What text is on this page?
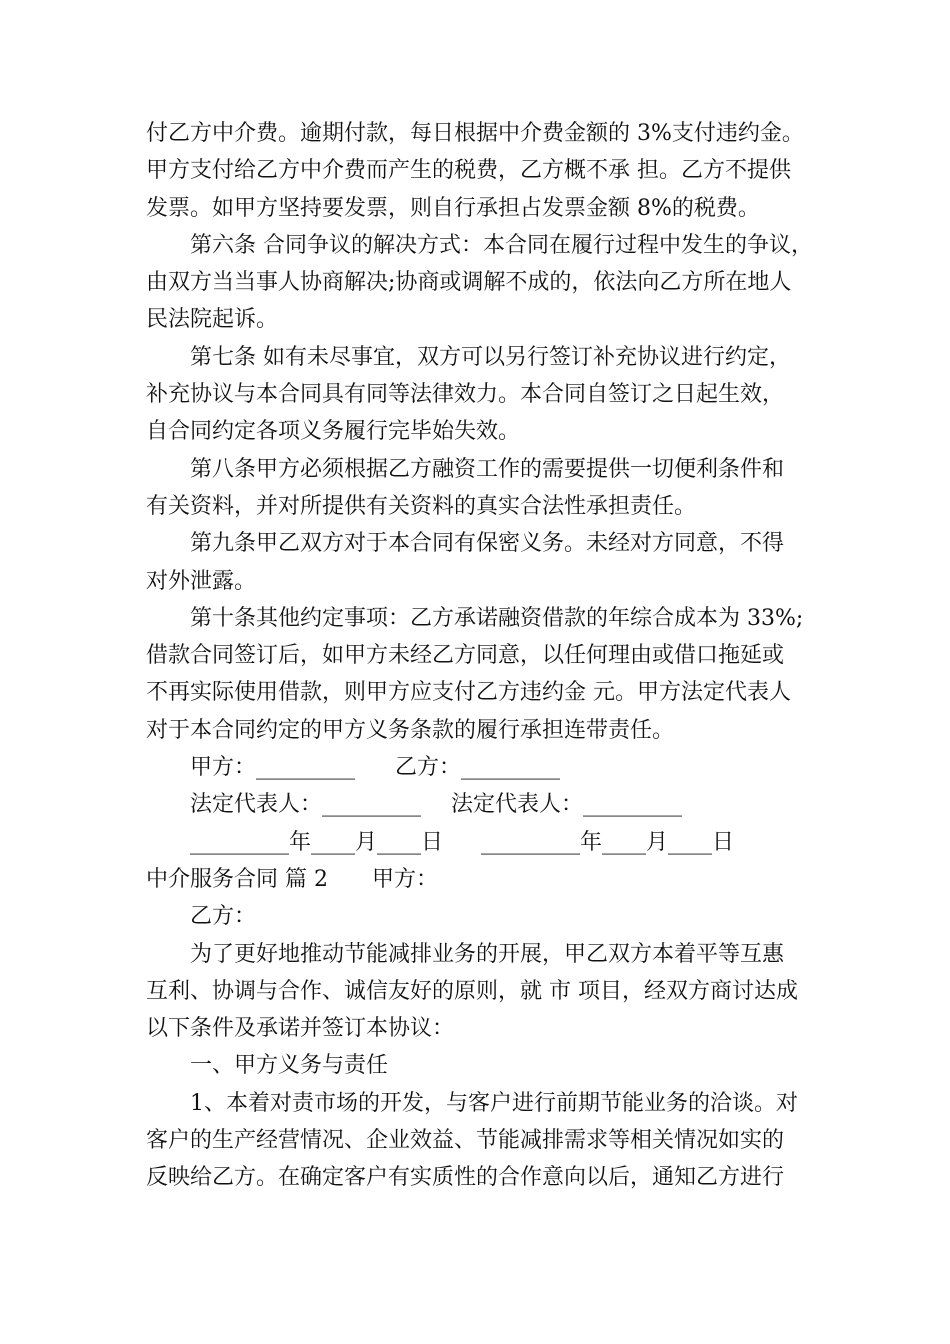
付乙方中介费。逾期付款，每日根据中介费金额的 3%支付违约金。
甲方支付给乙方中介费而产生的税费，乙方概不承 担。乙方不提供
发票。如甲方坚持要发票，则自行承担占发票金额 8%的税费。
第六条 合同争议的解决方式：本合同在履行过程中发生的争议，
由双方当当事人协商解决;协商或调解不成的，依法向乙方所在地人
民法院起诉。
第七条 如有未尽事宜，双方可以另行签订补充协议进行约定，
补充协议与本合同具有同等法律效力。本合同自签订之日起生效，
自合同约定各项义务履行完毕始失效。
第八条甲方必须根据乙方融资工作的需要提供一切便利条件和
有关资料，并对所提供有关资料的真实合法性承担责任。
第九条甲乙双方对于本合同有保密义务。未经对方同意，不得
对外泄露。
第十条其他约定事项：乙方承诺融资借款的年综合成本为 33%;
借款合同签订后，如甲方未经乙方同意，以任何理由或借口拖延或
不再实际使用借款，则甲方应支付乙方违约金 元。甲方法定代表人
对于本合同约定的甲方义务条款的履行承担连带责任。
甲方：_________ 乙方：_________
法定代表人：_________ 法定代表人：_________
_________年____月____日 _________年____月____日
中介服务合同 篇 2 甲方：
乙方：
为了更好地推动节能减排业务的开展，甲乙双方本着平等互惠
互利、协调与合作、诚信友好的原则，就 市 项目，经双方商讨达成
以下条件及承诺并签订本协议：
一、甲方义务与责任
1、本着对责市场的开发，与客户进行前期节能业务的洽谈。对
客户的生产经营情况、企业效益、节能减排需求等相关情况如实的
反映给乙方。在确定客户有实质性的合作意向以后，通知乙方进行
